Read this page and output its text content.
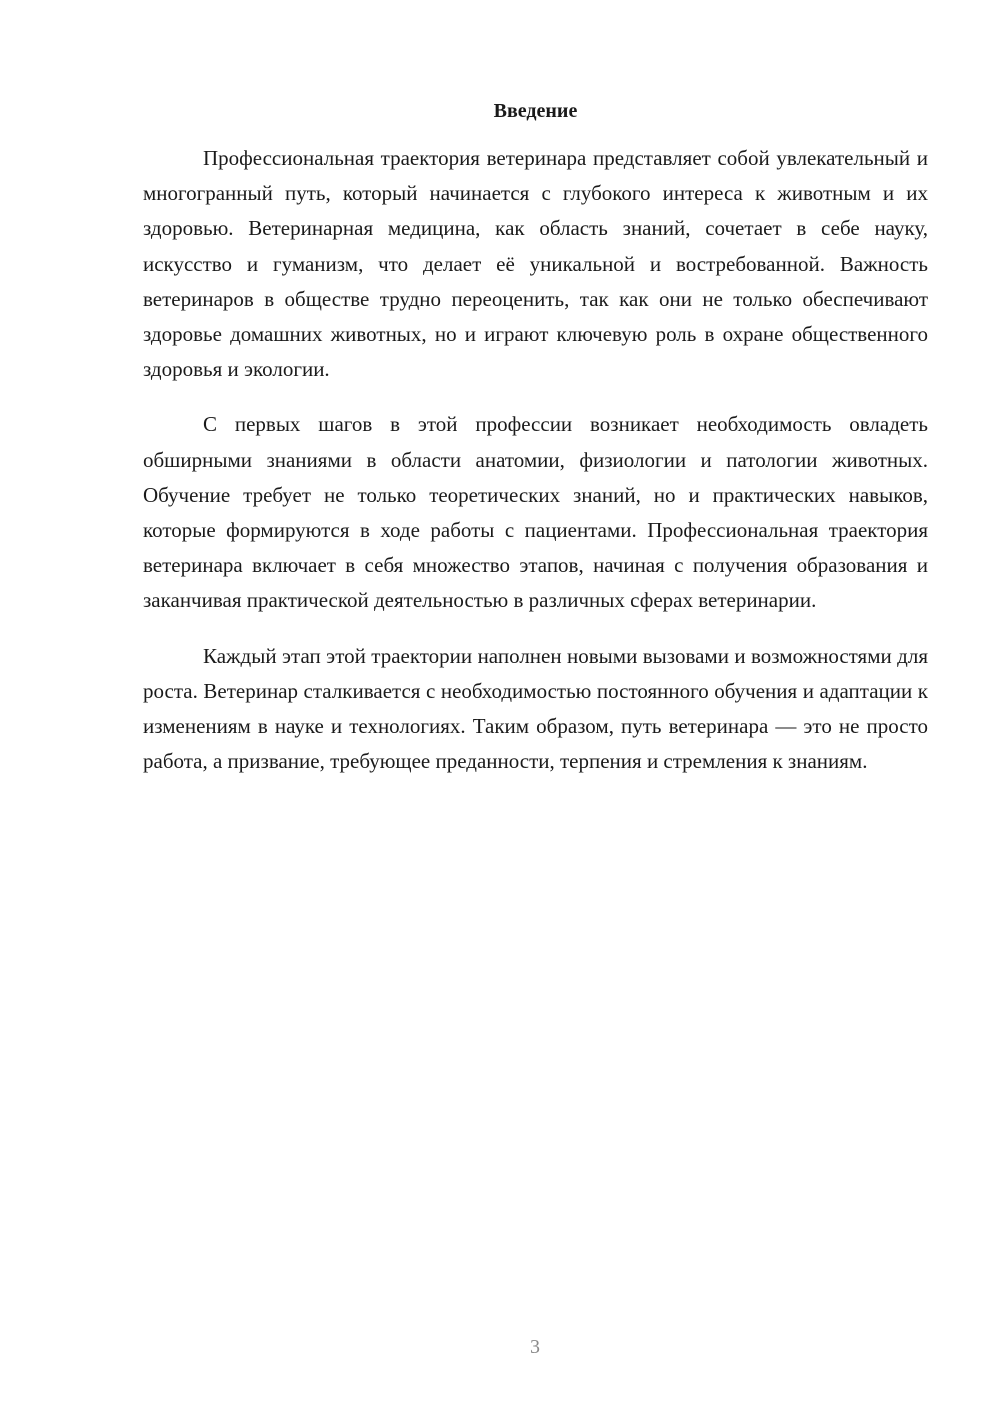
Введение

Профессиональная траектория ветеринара представляет собой увлекательный и многогранный путь, который начинается с глубокого интереса к животным и их здоровью. Ветеринарная медицина, как область знаний, сочетает в себе науку, искусство и гуманизм, что делает её уникальной и востребованной. Важность ветеринаров в обществе трудно переоценить, так как они не только обеспечивают здоровье домашних животных, но и играют ключевую роль в охране общественного здоровья и экологии.

С первых шагов в этой профессии возникает необходимость овладеть обширными знаниями в области анатомии, физиологии и патологии животных. Обучение требует не только теоретических знаний, но и практических навыков, которые формируются в ходе работы с пациентами. Профессиональная траектория ветеринара включает в себя множество этапов, начиная с получения образования и заканчивая практической деятельностью в различных сферах ветеринарии.

Каждый этап этой траектории наполнен новыми вызовами и возможностями для роста. Ветеринар сталкивается с необходимостью постоянного обучения и адаптации к изменениям в науке и технологиях. Таким образом, путь ветеринара — это не просто работа, а призвание, требующее преданности, терпения и стремления к знаниям.

3
